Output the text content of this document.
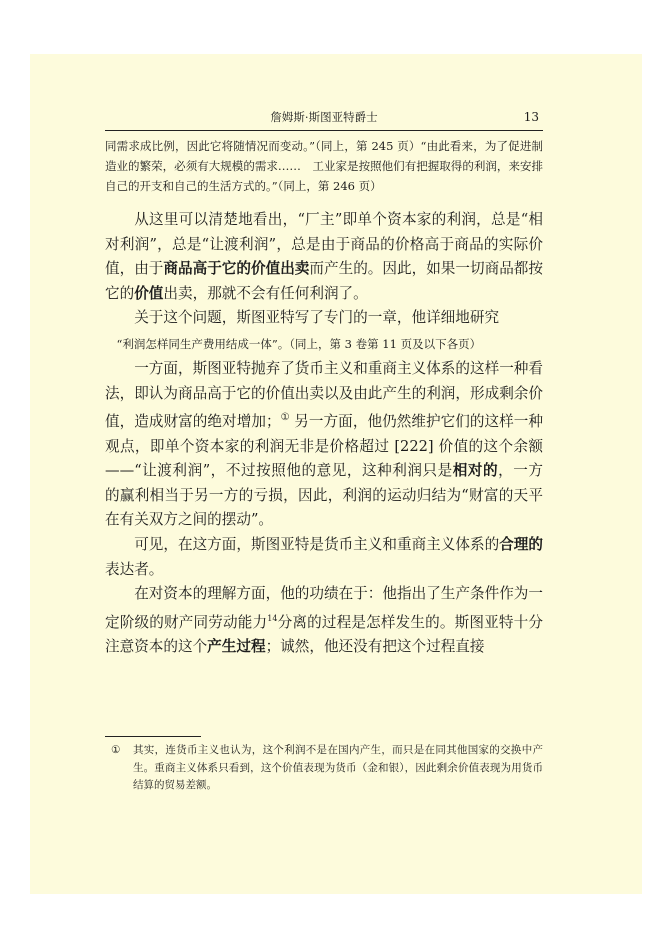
詹姆斯·斯图亚特爵士	13

同需求成比例，因此它将随情况而变动。”（同上，第 245 页）“由此看来，为了促进制造业的繁荣，必须有大规模的需求……　工业家是按照他们有把握取得的利润，来安排自己的开支和自己的生活方式的。”（同上，第 246 页）

从这里可以清楚地看出，“厂主”即单个资本家的利润，总是“相对利润”，总是“让渡利润”，总是由于商品的价格高于商品的实际价值，由于商品高于它的价值出卖而产生的。因此，如果一切商品都按它的价值出卖，那就不会有任何利润了。

关于这个问题，斯图亚特写了专门的一章，他详细地研究

“利润怎样同生产费用结成一体”。（同上，第 3 卷第 11 页及以下各页）

一方面，斯图亚特抛弃了货币主义和重商主义体系的这样一种看法，即认为商品高于它的价值出卖以及由此产生的利润，形成剩余价值，造成财富的绝对增加；① 另一方面，他仍然维护它们的这样一种观点，即单个资本家的利润无非是价格超过 [222] 价值的这个余额——“让渡利润”，不过按照他的意见，这种利润只是相对的，一方的赢利相当于另一方的亏损，因此，利润的运动归结为“财富的天平在有关双方之间的摆动”。

可见，在这方面，斯图亚特是货币主义和重商主义体系的合理的表达者。

在对资本的理解方面，他的功绩在于：他指出了生产条件作为一定阶级的财产同劳动能力$^{14}$分离的过程是怎样发生的。斯图亚特十分注意资本的这个产生过程；诚然，他还没有把这个过程直接

① 其实，连货币主义也认为，这个利润不是在国内产生，而只是在同其他国家的交换中产生。重商主义体系只看到，这个价值表现为货币（金和银），因此剩余价值表现为用货币结算的贸易差额。
